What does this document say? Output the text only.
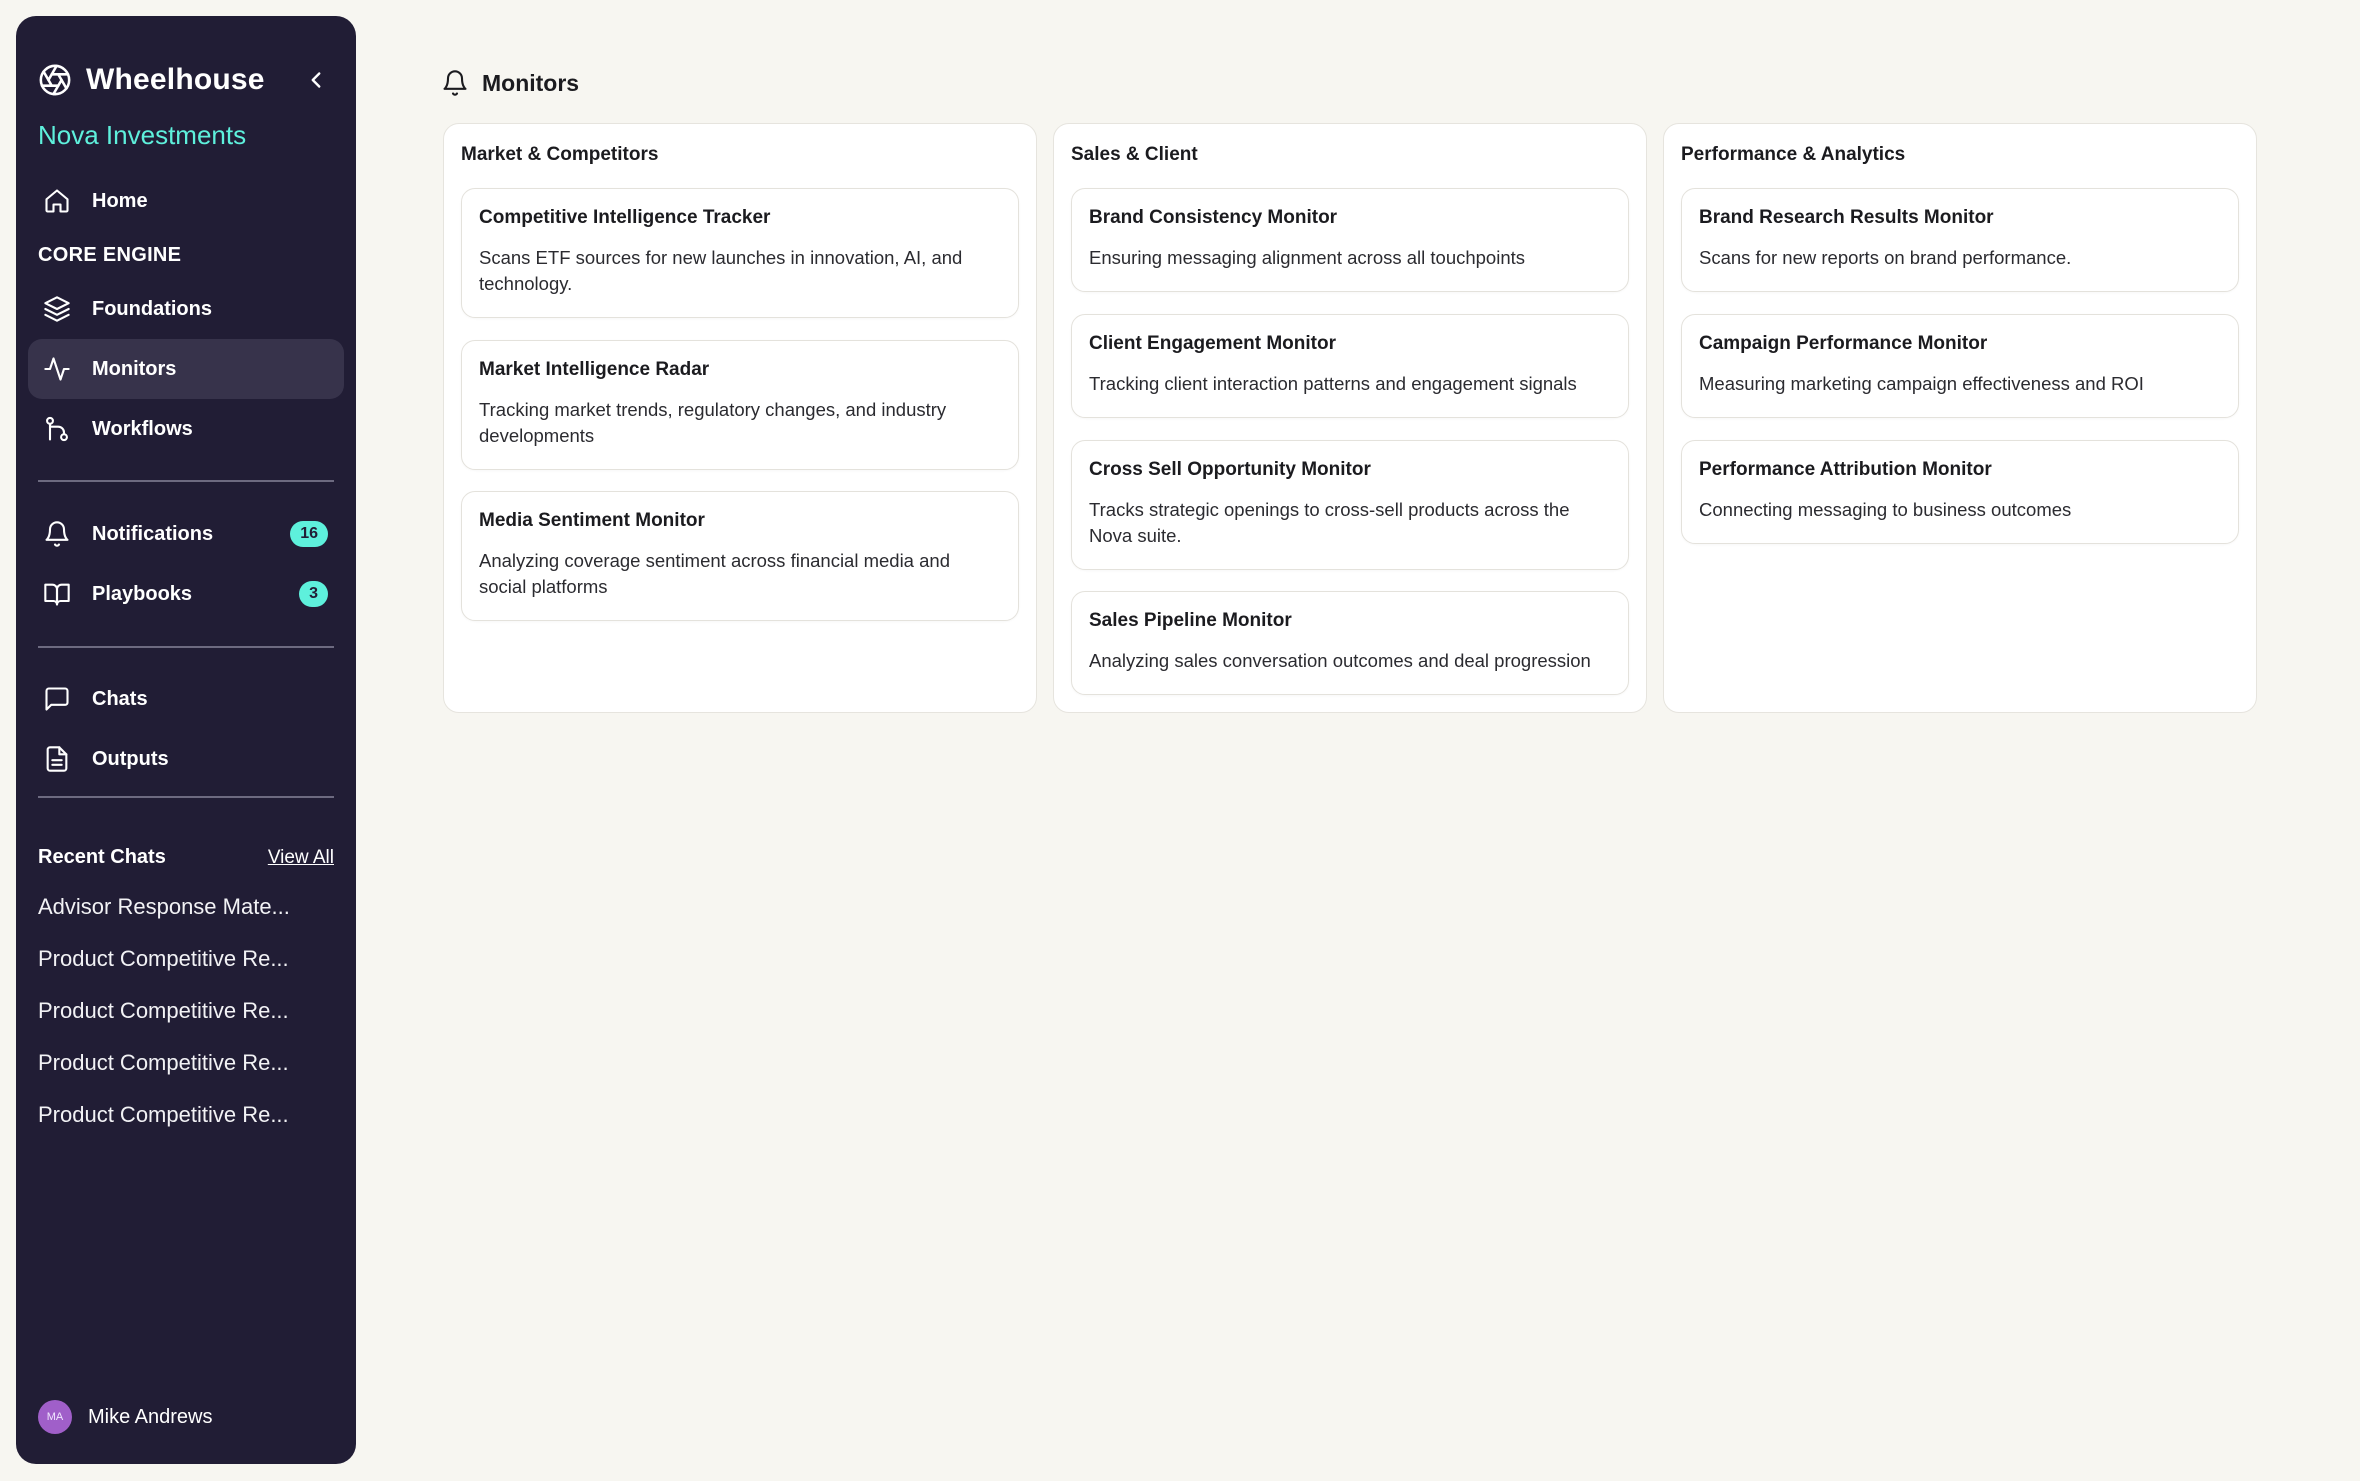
Wheelhouse
Nova Investments
Home
CORE ENGINE
Foundations
Monitors
Workflows
Notifications	16
Playbooks	3
Chats
Outputs
Recent Chats	View All
Advisor Response Mate...
Product Competitive Re...
Product Competitive Re...
Product Competitive Re...
Product Competitive Re...
MA	Mike Andrews
Monitors
Market & Competitors
Competitive Intelligence Tracker
Scans ETF sources for new launches in innovation, AI, and technology.
Market Intelligence Radar
Tracking market trends, regulatory changes, and industry developments
Media Sentiment Monitor
Analyzing coverage sentiment across financial media and social platforms
Sales & Client
Brand Consistency Monitor
Ensuring messaging alignment across all touchpoints
Client Engagement Monitor
Tracking client interaction patterns and engagement signals
Cross Sell Opportunity Monitor
Tracks strategic openings to cross-sell products across the Nova suite.
Sales Pipeline Monitor
Analyzing sales conversation outcomes and deal progression
Performance & Analytics
Brand Research Results Monitor
Scans for new reports on brand performance.
Campaign Performance Monitor
Measuring marketing campaign effectiveness and ROI
Performance Attribution Monitor
Connecting messaging to business outcomes
